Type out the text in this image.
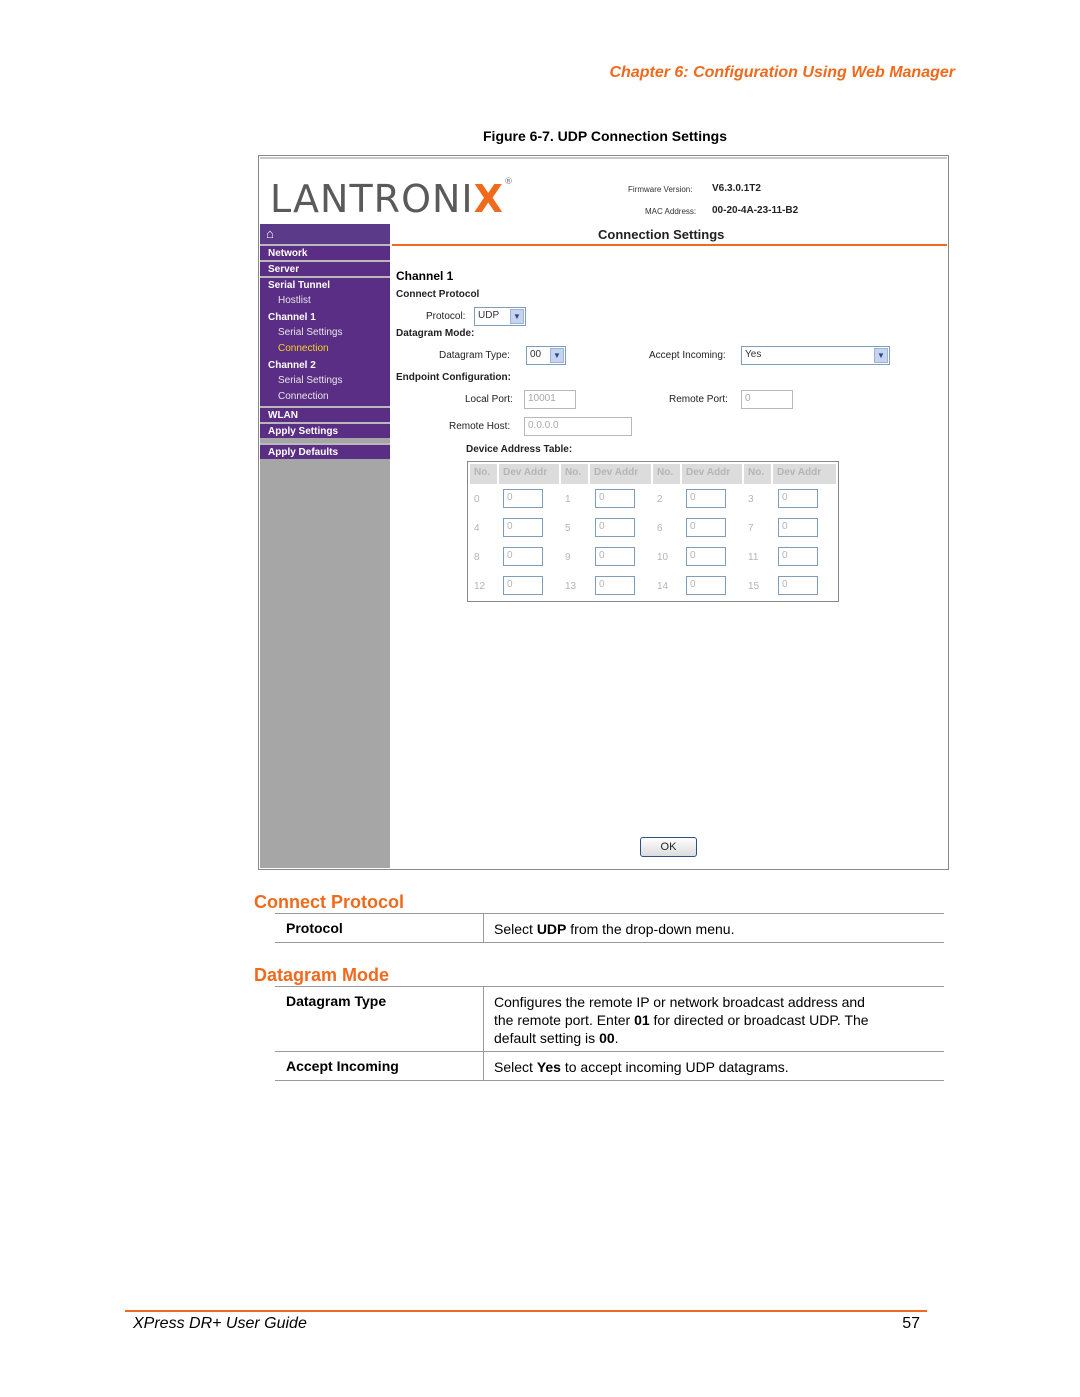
Chapter 6: Configuration Using Web Manager
Figure 6-7. UDP Connection Settings
LANTRONIX®
Firmware Version: V6.3.0.1T2
MAC Address: 00-20-4A-23-11-B2
⌂
Network
Server
Serial Tunnel
Hostlist
Channel 1
Serial Settings
Connection
Channel 2
Serial Settings
Connection
WLAN
Apply Settings
Apply Defaults
Connection Settings
Channel 1
Connect Protocol
Protocol:	UDP	▼
Datagram Mode:
Datagram Type:	00	▼	Accept Incoming:	Yes	▼
Endpoint Configuration:
Local Port:	10001	Remote Port:	0
Remote Host:	0.0.0.0
Device Address Table:
No.	Dev Addr	No.	Dev Addr	No.	Dev Addr	No.	Dev Addr
0	0	1	0	2	0	3	0
4	0	5	0	6	0	7	0
8	0	9	0	10	0	11	0
12	0	13	0	14	0	15	0
OK
Connect Protocol
Protocol	Select UDP from the drop-down menu.
Datagram Mode
Datagram Type	Configures the remote IP or network broadcast address and
the remote port. Enter 01 for directed or broadcast UDP. The
default setting is 00.
Accept Incoming	Select Yes to accept incoming UDP datagrams.
XPress DR+ User Guide	57
